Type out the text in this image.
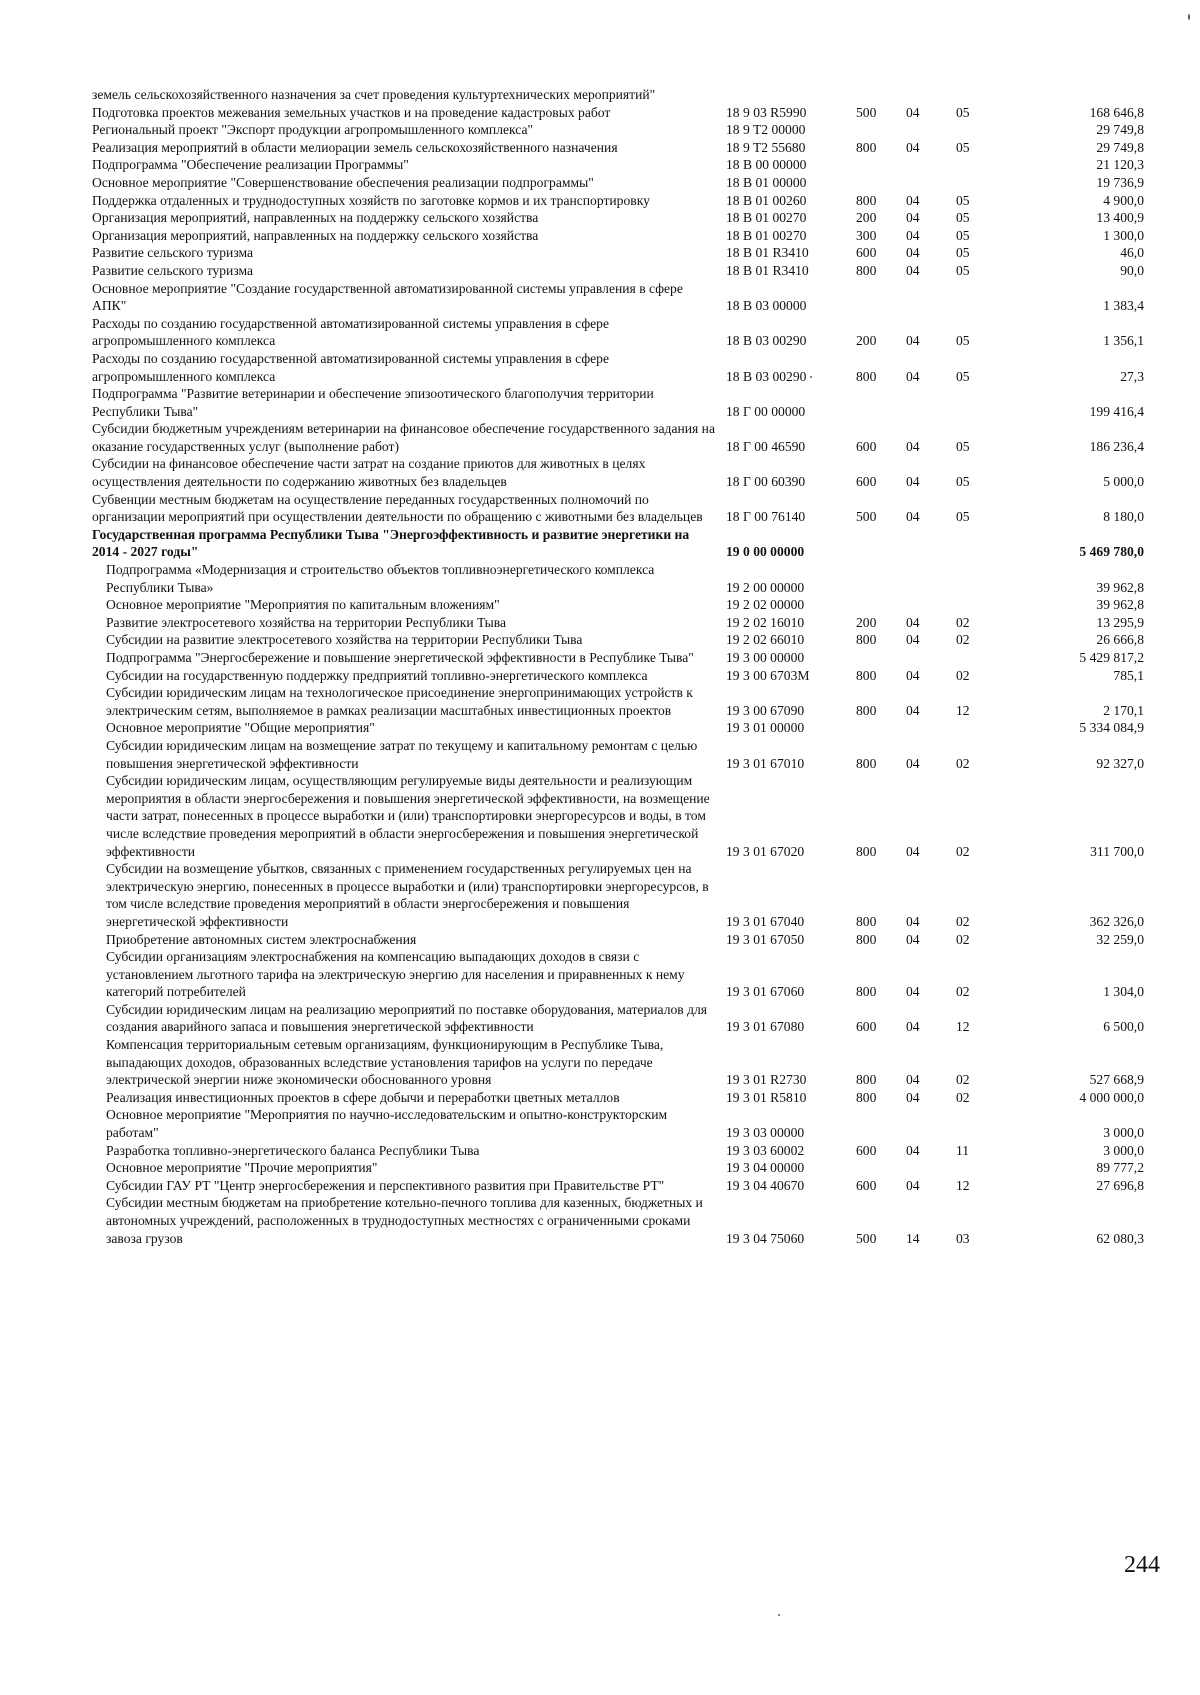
земель сельскохозяйственного назначения за счет проведения культуртехнических мероприятий"					
Подготовка проектов межевания земельных участков и на проведение кадастровых работ	18 9 03 R5990	500	04	05	168 646,8
Региональный проект "Экспорт продукции агропромышленного комплекса"	18 9 T2 00000				29 749,8
Реализация мероприятий в области мелиорации земель сельскохозяйственного назначения	18 9 T2 55680	800	04	05	29 749,8
Подпрограмма "Обеспечение реализации Программы"	18 B 00 00000				21 120,3
Основное мероприятие "Совершенствование обеспечения реализации подпрограммы"	18 B 01 00000				19 736,9
Поддержка отдаленных и труднодоступных хозяйств по заготовке кормов и их транспортировку	18 B 01 00260	800	04	05	4 900,0
Организация мероприятий, направленных на поддержку сельского хозяйства	18 B 01 00270	200	04	05	13 400,9
Организация мероприятий, направленных на поддержку сельского хозяйства	18 B 01 00270	300	04	05	1 300,0
Развитие сельского туризма	18 B 01 R3410	600	04	05	46,0
Развитие сельского туризма	18 B 01 R3410	800	04	05	90,0
Основное мероприятие "Создание государственной автоматизированной системы управления в сфере АПК"	18 B 03 00000				1 383,4
Расходы по созданию государственной автоматизированной системы управления в сфере агропромышленного комплекса	18 B 03 00290	200	04	05	1 356,1
Расходы по созданию государственной автоматизированной системы управления в сфере агропромышленного комплекса	18 B 03 00290	800	04	05	27,3
Подпрограмма "Развитие ветеринарии и обеспечение эпизоотического благополучия территории Республики Тыва"	18 Г 00 00000				199 416,4
Субсидии бюджетным учреждениям ветеринарии на финансовое обеспечение государственного задания на оказание государственных услуг (выполнение работ)	18 Г 00 46590	600	04	05	186 236,4
Субсидии на финансовое обеспечение части затрат на создание приютов для животных в целях осуществления деятельности по содержанию животных без владельцев	18 Г 00 60390	600	04	05	5 000,0
Субвенции местным бюджетам на осуществление переданных государственных полномочий по организации мероприятий при осуществлении деятельности по обращению с животными без владельцев	18 Г 00 76140	500	04	05	8 180,0
Государственная программа Республики Тыва "Энергоэффективность и развитие энергетики на 2014 - 2027 годы"	19 0 00 00000				5 469 780,0
Подпрограмма «Модернизация и строительство объектов топливноэнергетического комплекса Республики Тыва»	19 2 00 00000				39 962,8
Основное мероприятие "Мероприятия по капитальным вложениям"	19 2 02 00000				39 962,8
Развитие электросетевого хозяйства на территории Республики Тыва	19 2 02 16010	200	04	02	13 295,9
Субсидии на развитие электросетевого хозяйства на территории Республики Тыва	19 2 02 66010	800	04	02	26 666,8
Подпрограмма "Энергосбережение и повышение энергетической эффективности в Республике Тыва"	19 3 00 00000				5 429 817,2
Субсидии на государственную поддержку предприятий топливно-энергетического комплекса	19 3 00 6703M	800	04	02	785,1
Субсидии юридическим лицам на технологическое присоединение энергопринимающих устройств к электрическим сетям, выполняемое в рамках реализации масштабных инвестиционных проектов	19 3 00 67090	800	04	12	2 170,1
Основное мероприятие "Общие мероприятия"	19 3 01 00000				5 334 084,9
Субсидии юридическим лицам на возмещение затрат по текущему и капитальному ремонтам с целью повышения энергетической эффективности	19 3 01 67010	800	04	02	92 327,0
Субсидии юридическим лицам, осуществляющим регулируемые виды деятельности и реализующим мероприятия в области энергосбережения и повышения энергетической эффективности, на возмещение части затрат, понесенных в процессе выработки и (или) транспортировки энергоресурсов и воды, в том числе вследствие проведения мероприятий в области энергосбережения и повышения энергетической эффективности	19 3 01 67020	800	04	02	311 700,0
Субсидии на возмещение убытков, связанных с применением государственных регулируемых цен на электрическую энергию, понесенных в процессе выработки и (или) транспортировки энергоресурсов, в том числе вследствие проведения мероприятий в области энергосбережения и повышения энергетической эффективности	19 3 01 67040	800	04	02	362 326,0
Приобретение автономных систем электроснабжения	19 3 01 67050	800	04	02	32 259,0
Субсидии организациям электроснабжения на компенсацию выпадающих доходов в связи с установлением льготного тарифа на электрическую энергию для населения и приравненных к нему категорий потребителей	19 3 01 67060	800	04	02	1 304,0
Субсидии юридическим лицам на реализацию мероприятий по поставке оборудования, материалов для создания аварийного запаса и повышения энергетической эффективности	19 3 01 67080	600	04	12	6 500,0
Компенсация территориальным сетевым организациям, функционирующим в Республике Тыва, выпадающих доходов, образованных вследствие установления тарифов на услуги по передаче электрической энергии ниже экономически обоснованного уровня	19 3 01 R2730	800	04	02	527 668,9
Реализация инвестиционных проектов в сфере добычи и переработки цветных металлов	19 3 01 R5810	800	04	02	4 000 000,0
Основное мероприятие "Мероприятия по научно-исследовательским и опытно-конструкторским работам"	19 3 03 00000				3 000,0
Разработка топливно-энергетического баланса Республики Тыва	19 3 03 60002	600	04	11	3 000,0
Основное мероприятие "Прочие мероприятия"	19 3 04 00000				89 777,2
Субсидии ГАУ РТ "Центр энергосбережения и перспективного развития при Правительстве РТ"	19 3 04 40670	600	04	12	27 696,8
Субсидии местным бюджетам на приобретение котельно-печного топлива для казенных, бюджетных и автономных учреждений, расположенных в труднодоступных местностях с ограниченными сроками завоза грузов	19 3 04 75060	500	14	03	62 080,3
244
